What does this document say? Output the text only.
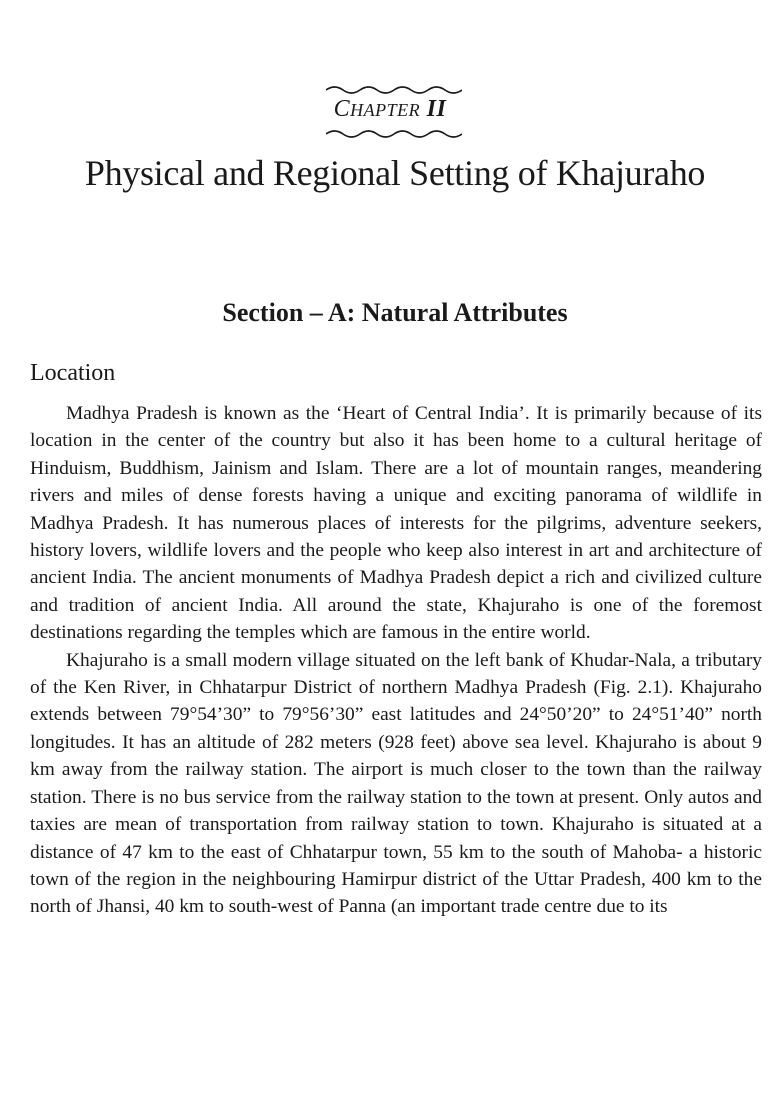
CHAPTER II
Physical and Regional Setting of Khajuraho
Section – A: Natural Attributes
Location

Madhya Pradesh is known as the ‘Heart of Central India’. It is primarily because of its location in the center of the country but also it has been home to a cultural heritage of Hinduism, Buddhism, Jainism and Islam. There are a lot of mountain ranges, meandering rivers and miles of dense forests having a unique and exciting panorama of wildlife in Madhya Pradesh. It has numerous places of interests for the pilgrims, adventure seekers, history lovers, wildlife lovers and the people who keep also interest in art and architecture of ancient India. The ancient monuments of Madhya Pradesh depict a rich and civilized culture and tradition of ancient India. All around the state, Khajuraho is one of the foremost destinations regarding the temples which are famous in the entire world.

Khajuraho is a small modern village situated on the left bank of Khudar-Nala, a tributary of the Ken River, in Chhatarpur District of northern Madhya Pradesh (Fig. 2.1). Khajuraho extends between 79°54’30” to 79°56’30” east latitudes and 24°50’20” to 24°51’40” north longitudes. It has an altitude of 282 meters (928 feet) above sea level. Khajuraho is about 9 km away from the railway station. The airport is much closer to the town than the railway station. There is no bus service from the railway station to the town at present. Only autos and taxies are mean of transportation from railway station to town. Khajuraho is situated at a distance of 47 km to the east of Chhatarpur town, 55 km to the south of Mahoba- a historic town of the region in the neighbouring Hamirpur district of the Uttar Pradesh, 400 km to the north of Jhansi, 40 km to south-west of Panna (an important trade centre due to its
